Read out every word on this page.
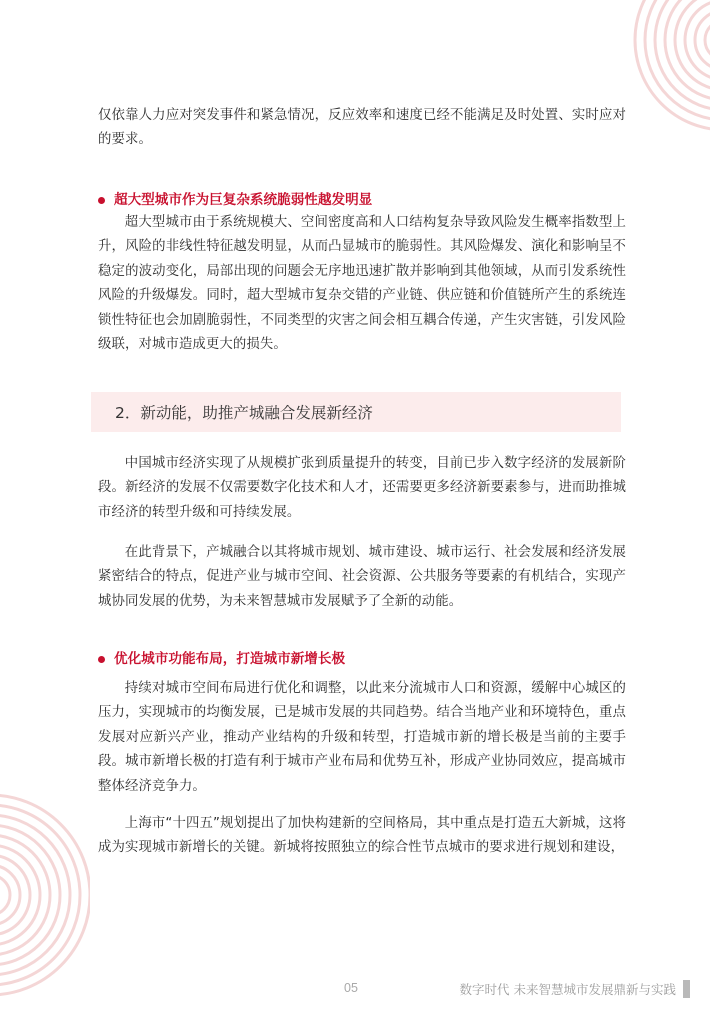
仅依靠人力应对突发事件和紧急情况，反应效率和速度已经不能满足及时处置、实时应对的要求。

超大型城市作为巨复杂系统脆弱性越发明显

超大型城市由于系统规模大、空间密度高和人口结构复杂导致风险发生概率指数型上升，风险的非线性特征越发明显，从而凸显城市的脆弱性。其风险爆发、演化和影响呈不稳定的波动变化，局部出现的问题会无序地迅速扩散并影响到其他领域，从而引发系统性风险的升级爆发。同时，超大型城市复杂交错的产业链、供应链和价值链所产生的系统连锁性特征也会加剧脆弱性，不同类型的灾害之间会相互耦合传递，产生灾害链，引发风险级联，对城市造成更大的损失。

2． 新动能，助推产城融合发展新经济

中国城市经济实现了从规模扩张到质量提升的转变，目前已步入数字经济的发展新阶段。新经济的发展不仅需要数字化技术和人才，还需要更多经济新要素参与，进而助推城市经济的转型升级和可持续发展。

在此背景下，产城融合以其将城市规划、城市建设、城市运行、社会发展和经济发展紧密结合的特点，促进产业与城市空间、社会资源、公共服务等要素的有机结合，实现产城协同发展的优势，为未来智慧城市发展赋予了全新的动能。

优化城市功能布局，打造城市新增长极

持续对城市空间布局进行优化和调整，以此来分流城市人口和资源，缓解中心城区的压力，实现城市的均衡发展，已是城市发展的共同趋势。结合当地产业和环境特色，重点发展对应新兴产业，推动产业结构的升级和转型，打造城市新的增长极是当前的主要手段。城市新增长极的打造有利于城市产业布局和优势互补，形成产业协同效应，提高城市整体经济竞争力。

上海市“十四五”规划提出了加快构建新的空间格局，其中重点是打造五大新城，这将成为实现城市新增长的关键。新城将按照独立的综合性节点城市的要求进行规划和建设，

05	数字时代 未来智慧城市发展鼎新与实践
